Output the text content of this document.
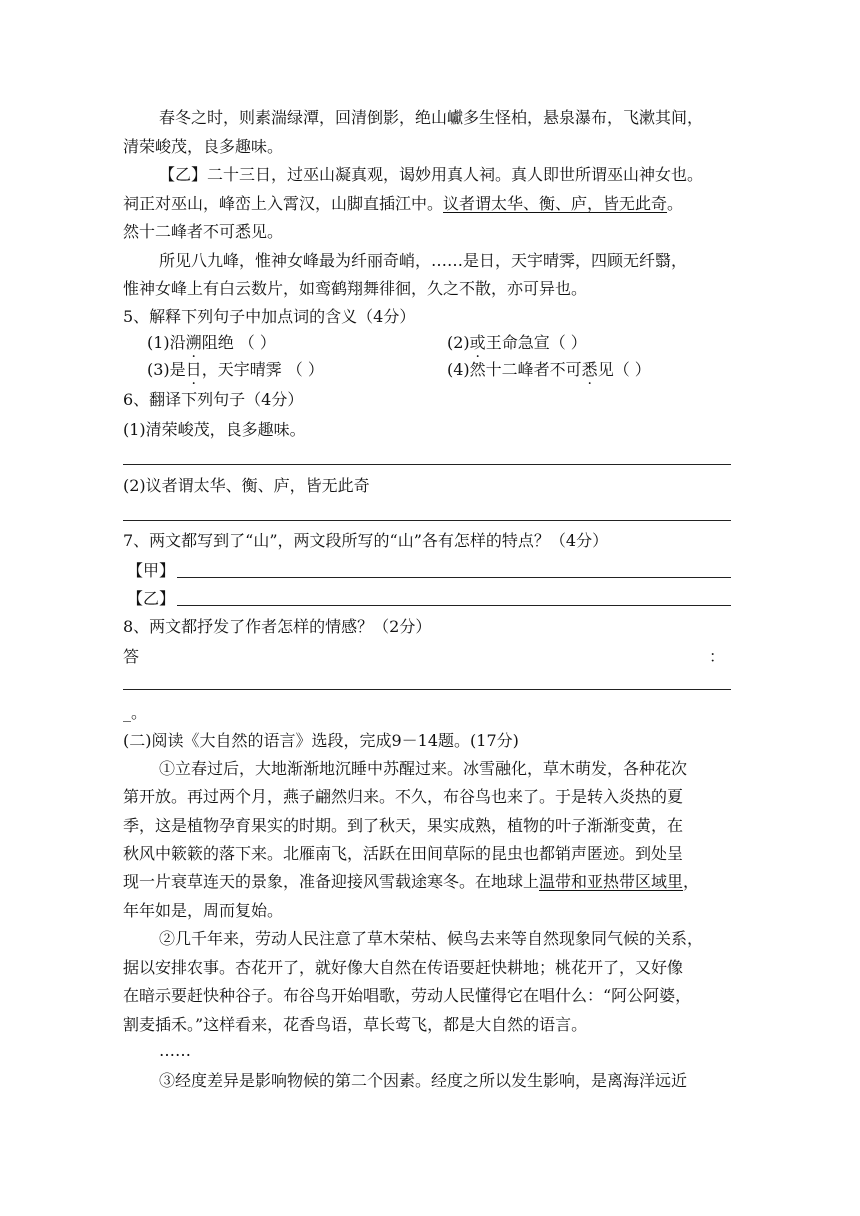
春冬之时，则素湍绿潭，回清倒影，绝山巘多生怪柏，悬泉瀑布，飞漱其间，
清荣峻茂，良多趣味。
【乙】二十三日，过巫山凝真观，谒妙用真人祠。真人即世所谓巫山神女也。
祠正对巫山，峰峦上入霄汉，山脚直插江中。议者谓太华、衡、庐，皆无此奇。
然十二峰者不可悉见。
所见八九峰，惟神女峰最为纤丽奇峭，……是日，天宇晴霁，四顾无纤翳，
惟神女峰上有白云数片，如鸾鹤翔舞徘徊，久之不散，亦可异也。
5、解释下列句子中加点词的含义（4分）
(1)沿溯阻绝 （ ）	(2)或王命急宣（ ）
(3)是日，天宇晴霁 （ ）	(4)然十二峰者不可悉见（ ）
6、翻译下列句子（4分）
(1)清荣峻茂，良多趣味。
(2)议者谓太华、衡、庐，皆无此奇
7、两文都写到了“山”，两文段所写的“山”各有怎样的特点？（4分）
【甲】
【乙】
8、两文都抒发了作者怎样的情感？（2分）
答	：
_。
(二)阅读《大自然的语言》选段，完成9－14题。(17分)
①立春过后，大地渐渐地沉睡中苏醒过来。冰雪融化，草木萌发，各种花次
第开放。再过两个月，燕子翩然归来。不久，布谷鸟也来了。于是转入炎热的夏
季，这是植物孕育果实的时期。到了秋天，果实成熟，植物的叶子渐渐变黄，在
秋风中簌簌的落下来。北雁南飞，活跃在田间草际的昆虫也都销声匿迹。到处呈
现一片衰草连天的景象，准备迎接风雪载途寒冬。在地球上温带和亚热带区域里，
年年如是，周而复始。
②几千年来，劳动人民注意了草木荣枯、候鸟去来等自然现象同气候的关系，
据以安排农事。杏花开了，就好像大自然在传语要赶快耕地；桃花开了，又好像
在暗示要赶快种谷子。布谷鸟开始唱歌，劳动人民懂得它在唱什么：“阿公阿婆，
割麦插禾。”这样看来，花香鸟语，草长莺飞，都是大自然的语言。
……
③经度差异是影响物候的第二个因素。经度之所以发生影响，是离海洋远近
